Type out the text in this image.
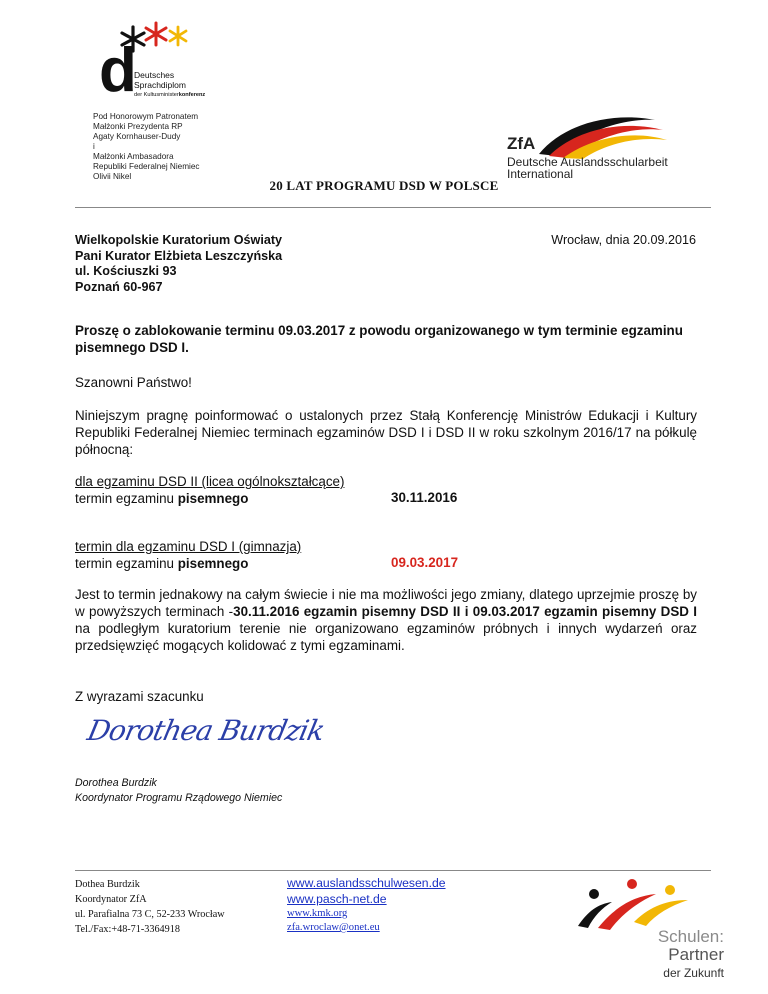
d
Deutsches
Sprachdiplom
der Kultusministerkonferenz
Pod Honorowym Patronatem
Małżonki Prezydenta RP
Agaty Kornhauser-Dudy
i
Małżonki Ambasadora
Republiki Federalnej Niemiec
Olivii Nikel
ZfA
Deutsche Auslandsschularbeit
International
20 LAT PROGRAMU DSD W POLSCE
Wielkopolskie Kuratorium Oświaty
Pani Kurator Elżbieta Leszczyńska
ul. Kościuszki 93
Poznań 60-967
Wrocław, dnia 20.09.2016
Proszę o zablokowanie terminu 09.03.2017 z powodu organizowanego w tym terminie egzaminu pisemnego DSD I.
Szanowni Państwo!
Niniejszym pragnę poinformować o ustalonych przez Stałą Konferencję Ministrów Edukacji i Kultury Republiki Federalnej Niemiec terminach egzaminów DSD I i DSD II w roku szkolnym 2016/17 na półkulę północną:
dla egzaminu DSD II (licea ogólnokształcące)
termin egzaminu pisemnego	30.11.2016
termin dla egzaminu DSD I (gimnazja)
termin egzaminu pisemnego	09.03.2017
Jest to termin jednakowy na całym świecie i nie ma możliwości jego zmiany, dlatego uprzejmie proszę by w powyższych terminach -30.11.2016 egzamin pisemny DSD II i 09.03.2017 egzamin pisemny DSD I na podległym kuratorium terenie nie organizowano egzaminów próbnych i innych wydarzeń oraz przedsięwzięć mogących kolidować z tymi egzaminami.
Z wyrazami szacunku
Dorothea Burdzik
Dorothea Burdzik
Koordynator Programu Rządowego Niemiec
Dothea Burdzik
Koordynator ZfA
ul. Parafialna 73 C, 52-233 Wrocław
Tel./Fax:+48-71-3364918
www.auslandsschulwesen.de
www.pasch-net.de
www.kmk.org
zfa.wroclaw@onet.eu	Schulen:
Partner
der Zukunft
